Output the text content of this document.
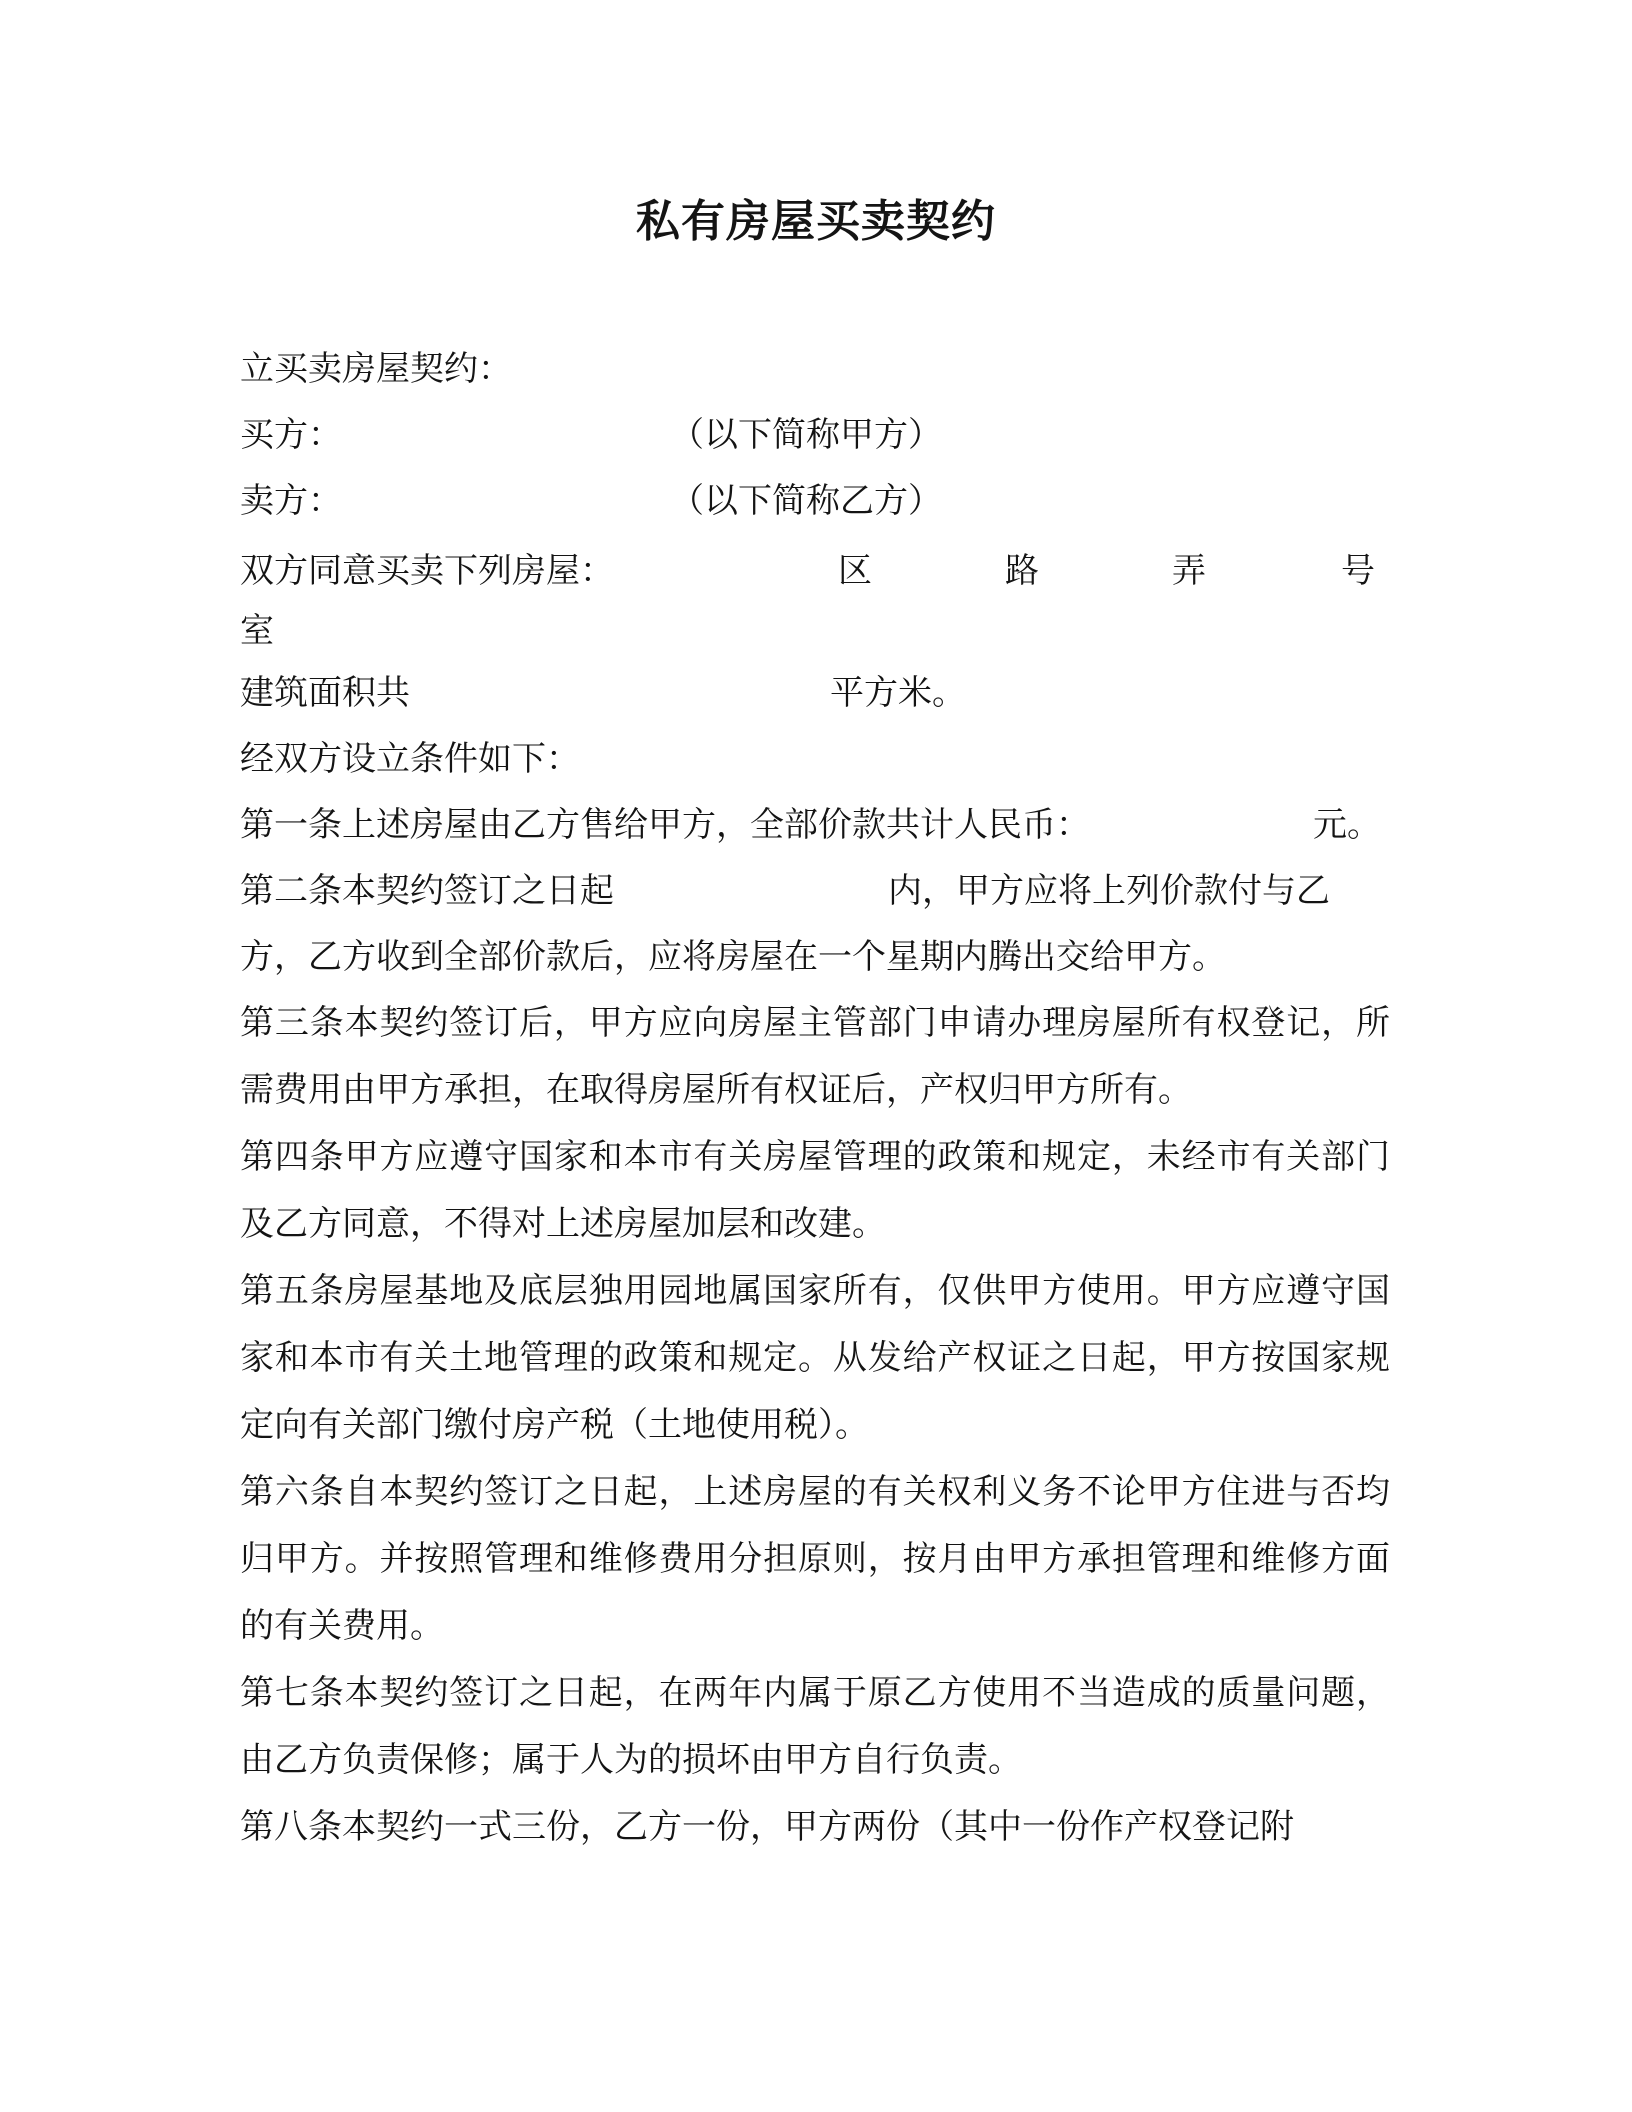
私有房屋买卖契约
立买卖房屋契约：
买方：	（以下简称甲方）
卖方：	（以下简称乙方）
双方同意买卖下列房屋：	区	路	弄	号
室
建筑面积共	平方米。
经双方设立条件如下：
第一条上述房屋由乙方售给甲方，全部价款共计人民币：	元。
第二条本契约签订之日起	内，甲方应将上列价款付与乙
方，乙方收到全部价款后，应将房屋在一个星期内腾出交给甲方。

第三条本契约签订后，甲方应向房屋主管部门申请办理房屋所有权登记，所需费用由甲方承担，在取得房屋所有权证后，产权归甲方所有。

第四条甲方应遵守国家和本市有关房屋管理的政策和规定，未经市有关部门及乙方同意，不得对上述房屋加层和改建。

第五条房屋基地及底层独用园地属国家所有，仅供甲方使用。甲方应遵守国家和本市有关土地管理的政策和规定。从发给产权证之日起，甲方按国家规定向有关部门缴付房产税（土地使用税）。

第六条自本契约签订之日起，上述房屋的有关权利义务不论甲方住进与否均归甲方。并按照管理和维修费用分担原则，按月由甲方承担管理和维修方面的有关费用。

第七条本契约签订之日起，在两年内属于原乙方使用不当造成的质量问题，由乙方负责保修；属于人为的损坏由甲方自行负责。

第八条本契约一式三份，乙方一份，甲方两份（其中一份作产权登记附
